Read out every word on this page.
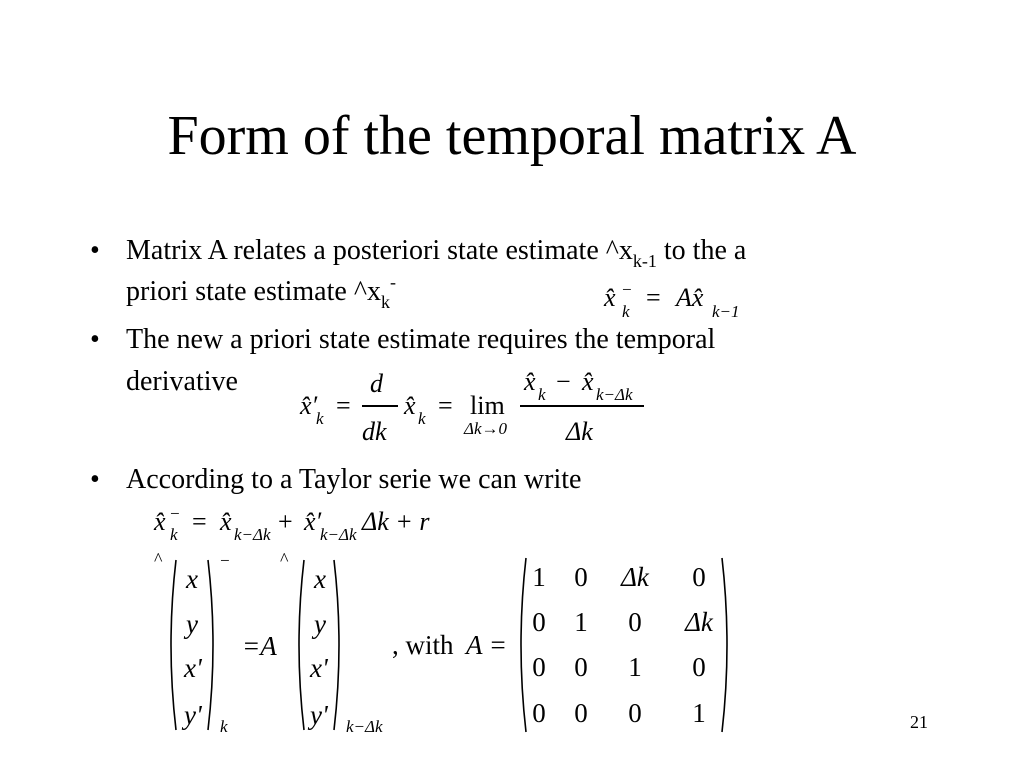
Form of the temporal matrix A
• Matrix A relates a posteriori state estimate $\^{}x_{k-1}$ to the a
priori state estimate $\^{}x_k^-$
x̂ −
k = Ax̂ k−1
• The new a priori state estimate requires the temporal
derivative
x̂′
k =
d
dk
x̂ k = lim
Δk→0
x̂ k − x̂ k−Δk
Δk
• According to a Taylor serie we can write
x̂ −
k = x̂ k−Δk + x̂′
k−Δk Δk + r
^
x
y
x'
y'
−
k
=A
^
x
y
x'
y' k−Δk
, with A =
1	0	Δk	0
0	1	0	Δk
0	0	1	0
0	0	0	1	21
